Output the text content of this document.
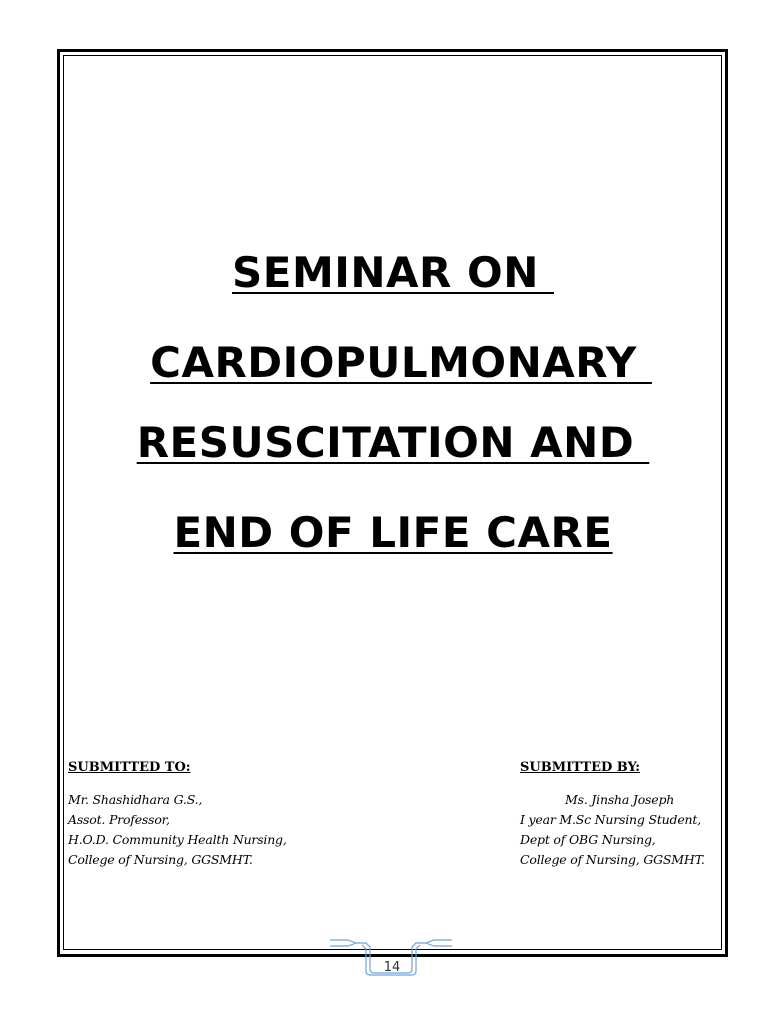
SEMINAR ON
CARDIOPULMONARY
RESUSCITATION AND
END OF LIFE CARE
SUBMITTED TO:
Mr. Shashidhara G.S.,
Assot. Professor,
H.O.D. Community Health Nursing,
College of Nursing, GGSMHT.
SUBMITTED BY:
Ms. Jinsha Joseph
I year M.Sc Nursing Student,
Dept of OBG Nursing,
College of Nursing, GGSMHT.
14
